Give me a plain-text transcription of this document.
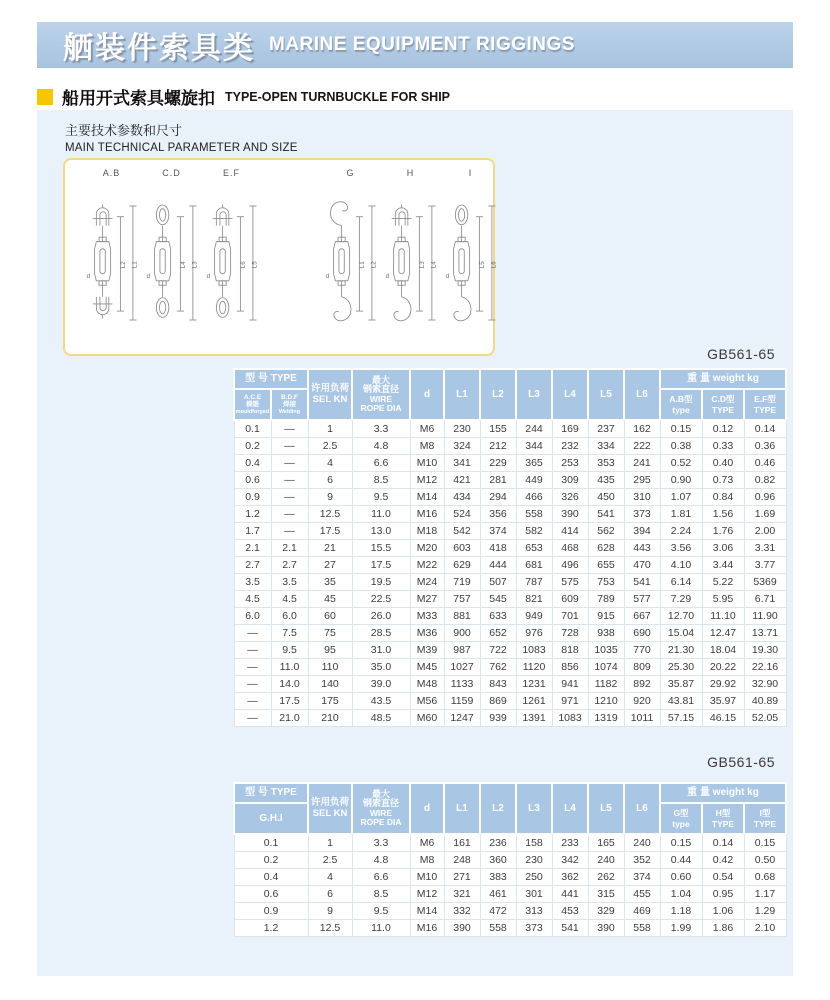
舾装件索具类 MARINE EQUIPMENT RIGGINGS
船用开式索具螺旋扣 TYPE-OPEN TURNBUCKLE FOR SHIP
主要技术参数和尺寸
MAIN TECHNICAL PARAMETER AND SIZE
A.B
L2 L1
d
C.D
L4 L3
d
E.F
L6 L5
d
G
L1 L2
d
H
L3 L4
d
I
L5 L6
d
GB561-65
型 号 TYPE		许用负荷
SEL KN	最大
钢索直径
WIRE
ROPE DIA	d	L1	L2	L3	L4	L5	L6	重 量 weight kg		

A.C.E
模锻
mouldforged	B.D.F
焊接
Welding										A.B型
type	C.D型
TYPE	E.F型
TYPE

0.1	—	1	3.3	M6	230	155	244	169	237	162	0.15	0.12	0.14
0.2	—	2.5	4.8	M8	324	212	344	232	334	222	0.38	0.33	0.36
0.4	—	4	6.6	M10	341	229	365	253	353	241	0.52	0.40	0.46
0.6	—	6	8.5	M12	421	281	449	309	435	295	0.90	0.73	0.82
0.9	—	9	9.5	M14	434	294	466	326	450	310	1.07	0.84	0.96
1.2	—	12.5	11.0	M16	524	356	558	390	541	373	1.81	1.56	1.69
1.7	—	17.5	13.0	M18	542	374	582	414	562	394	2.24	1.76	2.00
2.1	2.1	21	15.5	M20	603	418	653	468	628	443	3.56	3.06	3.31
2.7	2.7	27	17.5	M22	629	444	681	496	655	470	4.10	3.44	3.77
3.5	3.5	35	19.5	M24	719	507	787	575	753	541	6.14	5.22	5369
4.5	4.5	45	22.5	M27	757	545	821	609	789	577	7.29	5.95	6.71
6.0	6.0	60	26.0	M33	881	633	949	701	915	667	12.70	11.10	11.90
—	7.5	75	28.5	M36	900	652	976	728	938	690	15.04	12.47	13.71
—	9.5	95	31.0	M39	987	722	1083	818	1035	770	21.30	18.04	19.30
—	11.0	110	35.0	M45	1027	762	1120	856	1074	809	25.30	20.22	22.16
—	14.0	140	39.0	M48	1133	843	1231	941	1182	892	35.87	29.92	32.90
—	17.5	175	43.5	M56	1159	869	1261	971	1210	920	43.81	35.97	40.89
—	21.0	210	48.5	M60	1247	939	1391	1083	1319	1011	57.15	46.15	52.05
GB561-65
型 号 TYPE	许用负荷
SEL KN	最大
钢索直径
WIRE
ROPE DIA	d	L1	L2	L3	L4	L5	L6	重 量 weight kg		
G.H.I										G型
type	H型
TYPE	I型
TYPE

0.1	1	3.3	M6	161	236	158	233	165	240	0.15	0.14	0.15
0.2	2.5	4.8	M8	248	360	230	342	240	352	0.44	0.42	0.50
0.4	4	6.6	M10	271	383	250	362	262	374	0.60	0.54	0.68
0.6	6	8.5	M12	321	461	301	441	315	455	1.04	0.95	1.17
0.9	9	9.5	M14	332	472	313	453	329	469	1.18	1.06	1.29
1.2	12.5	11.0	M16	390	558	373	541	390	558	1.99	1.86	2.10
